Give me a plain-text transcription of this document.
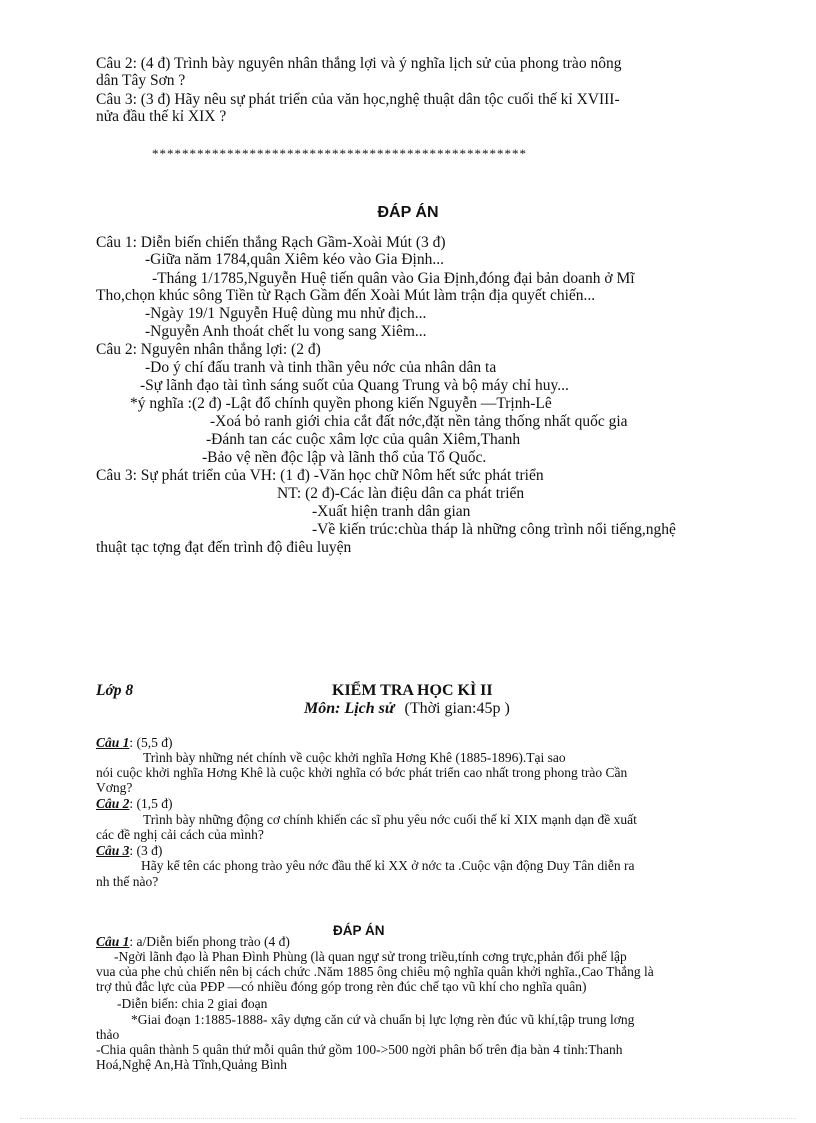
Câu 2: (4 đ) Trình bày nguyên nhân thắng lợi và ý nghĩa lịch sử của phong trào nông
dân Tây Sơn ?
Câu 3: (3 đ) Hãy nêu sự phát triển của văn học,nghệ thuật dân tộc cuối thế kỉ XVIII-
nửa đầu thế kỉ XIX ?
**************************************************
ĐÁP ÁN
Câu 1: Diễn biến chiến thắng Rạch Gầm-Xoài Mút (3 đ)
-Giữa năm 1784,quân Xiêm kéo vào Gia Định...
-Tháng 1/1785,Nguyễn Huệ tiến quân vào Gia Định,đóng đại bản doanh ở Mĩ
Tho,chọn khúc sông Tiền từ Rạch Gầm đến Xoài Mút làm trận địa quyết chiến...
-Ngày 19/1 Nguyễn Huệ dùng mu nhử địch...
-Nguyễn Anh thoát chết lu vong sang Xiêm...
Câu 2: Nguyên nhân thắng lợi: (2 đ)
-Do ý chí đấu tranh và tinh thần yêu nớc của nhân dân ta
-Sự lãnh đạo tài tình sáng suốt của Quang Trung và bộ máy chỉ huy...
*ý nghĩa :(2 đ) -Lật đổ chính quyền phong kiến Nguyễn —Trịnh-Lê
-Xoá bỏ ranh giới chia cắt đất nớc,đặt nền tảng thống nhất quốc gia
-Đánh tan các cuộc xâm lợc của quân Xiêm,Thanh
-Bảo vệ nền độc lập và lãnh thổ của Tổ Quốc.
Câu 3: Sự phát triển của VH: (1 đ) -Văn học chữ Nôm hết sức phát triển
NT: (2 đ)-Các làn điệu dân ca phát triển
-Xuất hiện tranh dân gian
-Về kiến trúc:chùa tháp là những công trình nổi tiếng,nghệ
thuật tạc tợng đạt đến trình độ điêu luyện
Lớp 8	KIỂM TRA HỌC KÌ II
Môn: Lịch sử (Thời gian:45p )
Câu 1: (5,5 đ)
Trình bày những nét chính về cuộc khởi nghĩa Hơng Khê (1885-1896).Tại sao
nói cuộc khởi nghĩa Hơng Khê là cuộc khởi nghĩa có bớc phát triển cao nhất trong phong trào Cần
Vơng?
Câu 2: (1,5 đ)
Trình bày những động cơ chính khiến các sĩ phu yêu nớc cuối thế kỉ XIX mạnh dạn đề xuất
các đề nghị cải cách của mình?
Câu 3: (3 đ)
Hãy kể tên các phong trào yêu nớc đầu thế kỉ XX ở nớc ta .Cuộc vận động Duy Tân diễn ra
nh thế nào?
ĐÁP ÁN
Câu 1: a/Diễn biến phong trào (4 đ)
-Ngời lãnh đạo là Phan Đình Phùng (là quan ngự sử trong triều,tính cơng trực,phản đối phế lập
vua của phe chủ chiến nên bị cách chức .Năm 1885 ông chiêu mộ nghĩa quân khởi nghĩa.,Cao Thắng là
trợ thủ đắc lực của PĐP —có nhiều đóng góp trong rèn đúc chế tạo vũ khí cho nghĩa quân)
-Diễn biến: chia 2 giai đoạn
*Giai đoạn 1:1885-1888- xây dựng căn cứ và chuẩn bị lực lợng rèn đúc vũ khí,tập trung lơng
thảo
-Chia quân thành 5 quân thứ mỗi quân thứ gồm 100->500 ngời phân bố trên địa bàn 4 tỉnh:Thanh
Hoá,Nghệ An,Hà Tĩnh,Quảng Bình
